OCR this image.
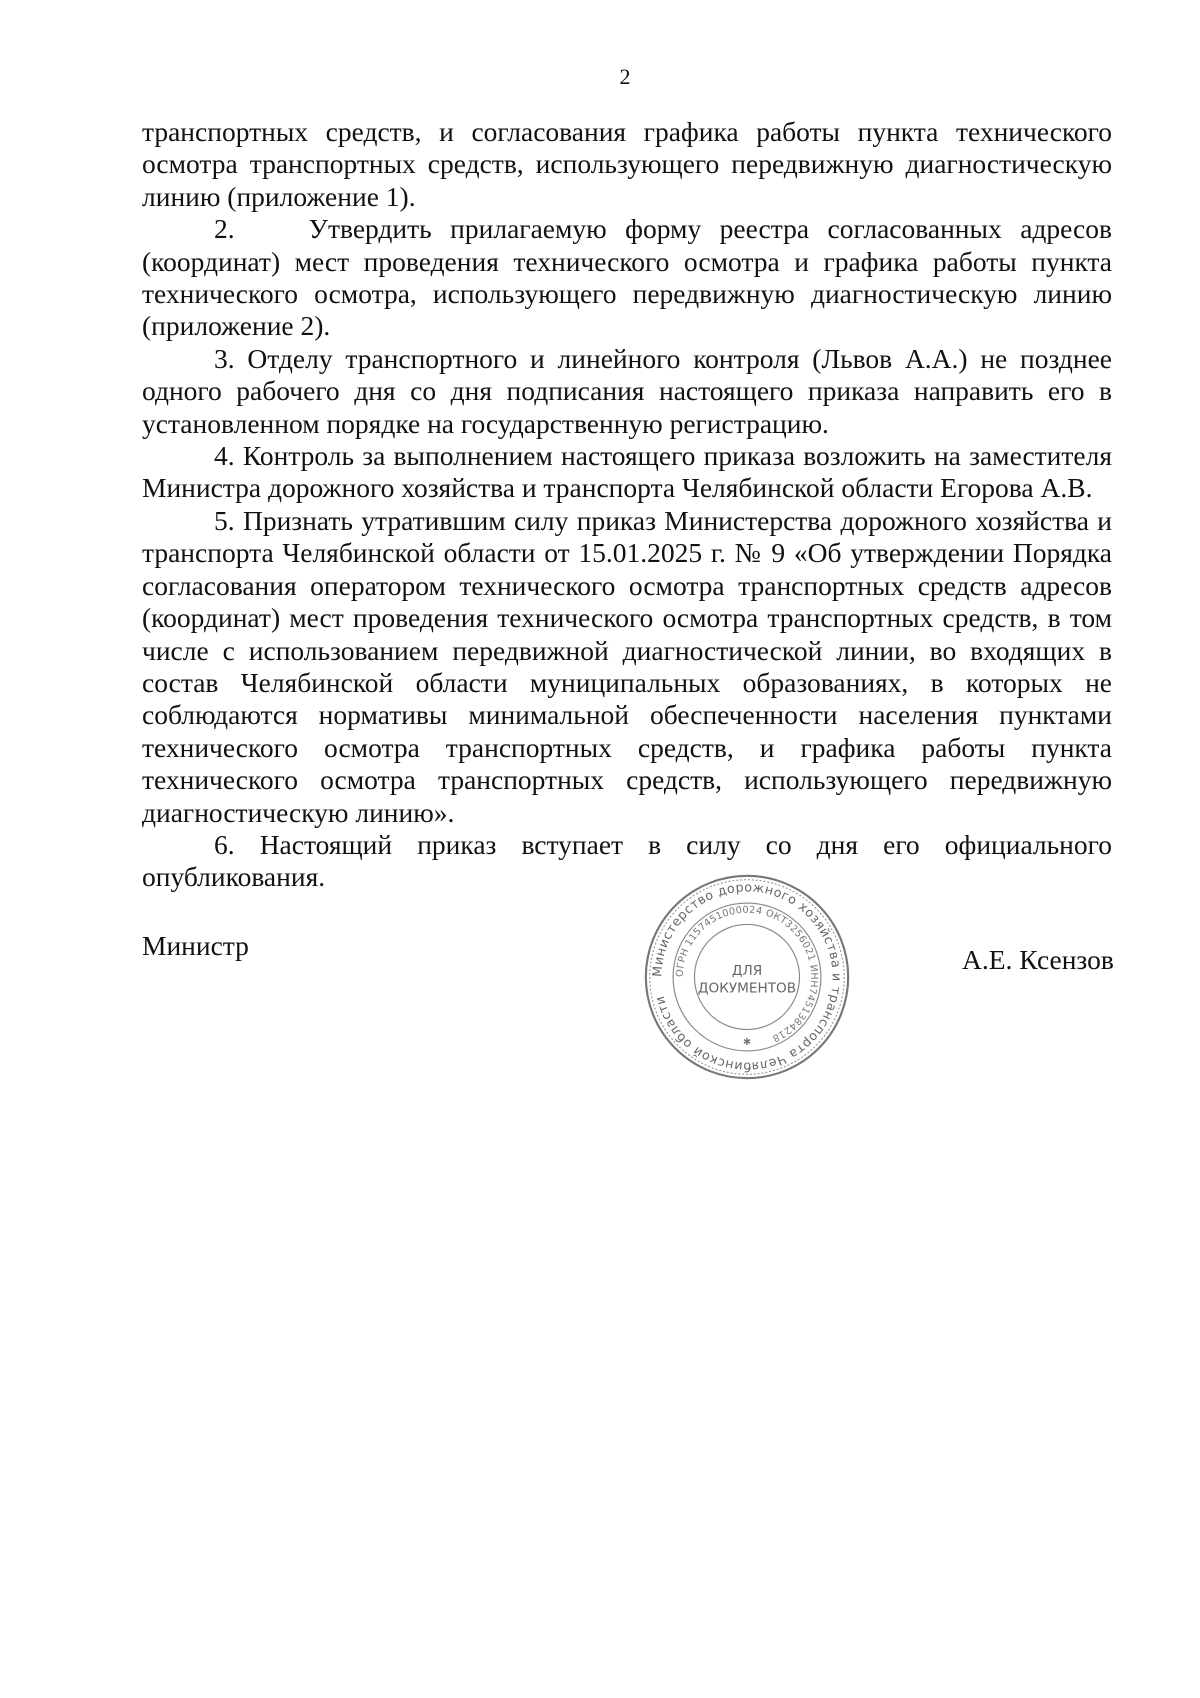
2

транспортных средств, и согласования графика работы пункта технического осмотра транспортных средств, использующего передвижную диагностическую линию (приложение 1).

2.    Утвердить прилагаемую форму реестра согласованных адресов (координат) мест проведения технического осмотра и графика работы пункта технического осмотра, использующего передвижную диагностическую линию (приложение 2).

3. Отделу транспортного и линейного контроля (Львов А.А.) не позднее одного рабочего дня со дня подписания настоящего приказа направить его в установленном порядке на государственную регистрацию.

4. Контроль за выполнением настоящего приказа возложить на заместителя Министра дорожного хозяйства и транспорта Челябинской области Егорова А.В.

5. Признать утратившим силу приказ Министерства дорожного хозяйства и транспорта Челябинской области от 15.01.2025 г. № 9 «Об утверждении Порядка согласования оператором технического осмотра транспортных средств адресов (координат) мест проведения технического осмотра транспортных средств, в том числе с использованием передвижной диагностической линии, во входящих в состав Челябинской области муниципальных образованиях, в которых не соблюдаются нормативы минимальной обеспеченности населения пунктами технического осмотра транспортных средств, и графика работы пункта технического осмотра транспортных средств, использующего передвижную диагностическую линию».

6. Настоящий приказ вступает в силу со дня его официального опубликования.

Министр
Министерство дорожного хозяйства и транспорта Челябинской области
ОГРН 1157451000024 ОКТ3256021 ИНН7451384218
ДЛЯ
ДОКУМЕНТОВ
✱
А.Е. Ксензов
